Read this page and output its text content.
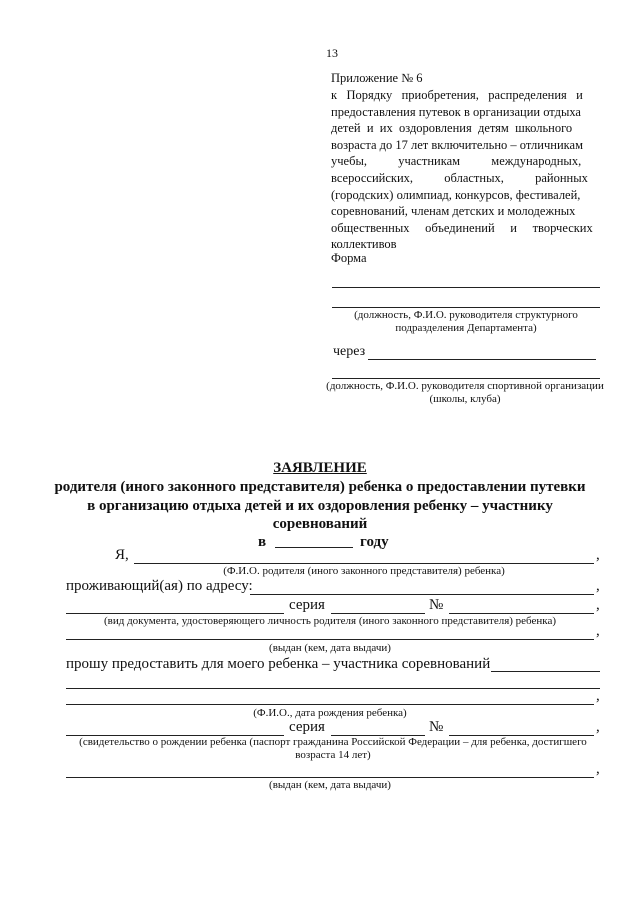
13
Приложение № 6
к   Порядку   приобретения,   распределения   и
предоставления путевок в организации отдыха
детей  и  их  оздоровления  детям  школьного
возраста до 17 лет включительно – отличникам
учебы,          участникам          международных,
всероссийских,          областных,          районных
(городских) олимпиад, конкурсов, фестивалей,
соревнований, членам детских и молодежных
общественных     объединений     и     творческих
коллективов
Форма
(должность, Ф.И.О. руководителя структурного
подразделения Департамента)
через
(должность, Ф.И.О. руководителя спортивной организации
(школы, клуба)
ЗАЯВЛЕНИЕ
родителя (иного законного представителя) ребенка о предоставлении путевки
в организацию отдыха детей и их оздоровления ребенку – участнику
соревнований
в	году
Я,	,
(Ф.И.О. родителя (иного законного представителя) ребенка)
проживающий(ая) по адресу:	,
серия	№	,
(вид документа, удостоверяющего личность родителя (иного законного представителя) ребенка)
,
(выдан (кем, дата выдачи)
прошу предоставить для моего ребенка – участника соревнований
,
(Ф.И.О., дата рождения ребенка)
серия	№	,
(свидетельство о рождении ребенка (паспорт гражданина Российской Федерации – для ребенка, достигшего
возраста 14 лет)
,
(выдан (кем, дата выдачи)
